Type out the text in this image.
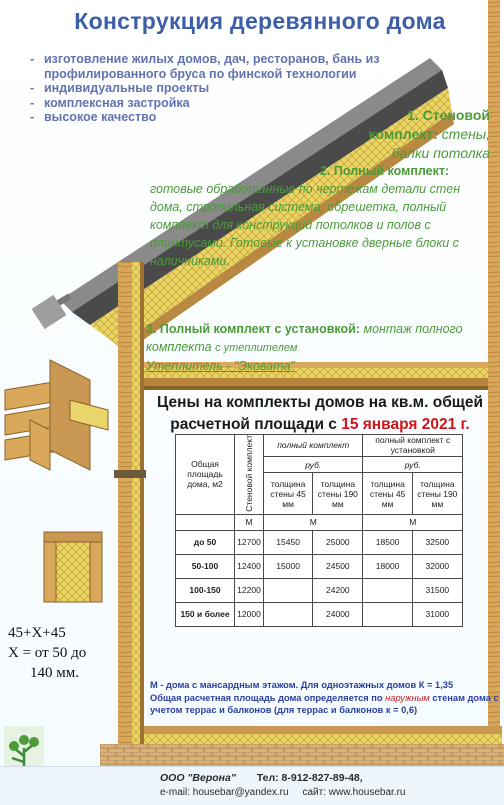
Конструкция деревянного дома
- изготовление жилых домов, дач, ресторанов, бань из профилированного бруса по финской технологии
- индивидуальные проекты
- комплексная застройка
- высокое качество	1. Стеновой комплект: стены, балки потолка
2. Полный комплект:
готовые обработанные по чертежам детали стен дома, стропильная система, обрешетка, полный комплект для конструкций потолков и полов с плинтусами. Готовые к установке дверные блоки с наличниками.
3. Полный комплект с установкой: монтаж полного комплекта с утеплителем
Утеплитель - "Эковата"
Цены на комплекты домов на кв.м. общей
расчетной площади с 15 января 2021 г.
Общая площадь дома, м2	Стеновой комплект	полный комплект		полный комплект с установкой	
		руб.		руб.	
		толщина стены 45 мм	толщина стены 190 мм	толщина стены 45 мм	толщина стены 190 мм
	М	М		М	
до 50	12700	15450	25000	18500	32500
50-100	12400	15000	24500	18000	32000
100-150	12200		24200		31500
150 и более	12000		24000		31000
45+Х+45
Х = от 50 до
140 мм.
М - дома с мансардным этажом. Для одноэтажных домов К = 1,35
Общая расчетная площадь дома определяется по наружным стенам дома с учетом террас и балконов (для террас и балконов к = 0,6)
ООО "Верона" Тел: 8-912-827-89-48,
e-mail: housebar@yandex.ru сайт: www.housebar.ru
